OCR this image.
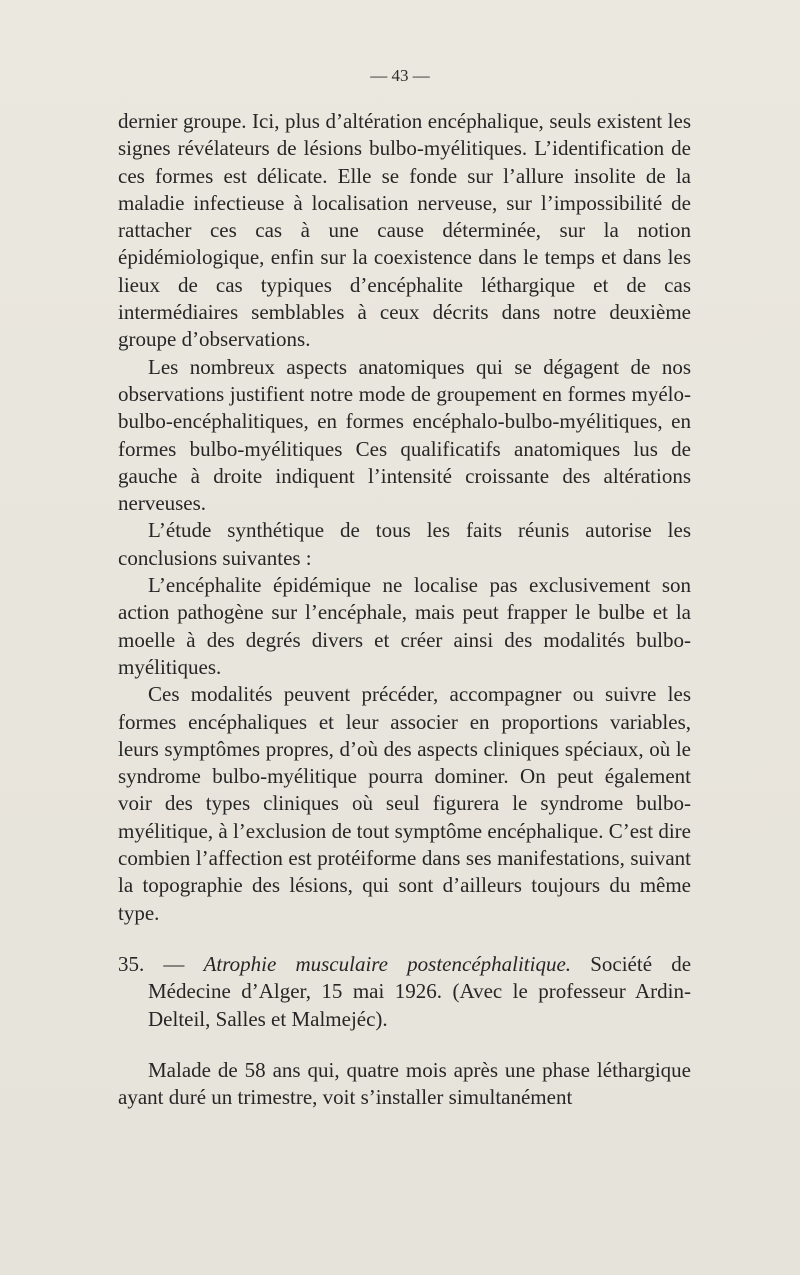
— 43 —

dernier groupe. Ici, plus d’altération encéphalique, seuls existent les signes révélateurs de lésions bulbo-myélitiques. L’identification de ces formes est délicate. Elle se fonde sur l’allure insolite de la maladie infectieuse à localisation nerveuse, sur l’impossibilité de rattacher ces cas à une cause déterminée, sur la notion épidémiologique, enfin sur la coexistence dans le temps et dans les lieux de cas typiques d’encéphalite léthargique et de cas intermédiaires semblables à ceux décrits dans notre deuxième groupe d’observations.

Les nombreux aspects anatomiques qui se dégagent de nos observations justifient notre mode de groupement en formes myélo-bulbo-encéphalitiques, en formes encéphalo-bulbo-myélitiques, en formes bulbo-myélitiques Ces qualificatifs anatomiques lus de gauche à droite indiquent l’intensité croissante des altérations nerveuses.

L’étude synthétique de tous les faits réunis autorise les conclusions suivantes :

L’encéphalite épidémique ne localise pas exclusivement son action pathogène sur l’encéphale, mais peut frapper le bulbe et la moelle à des degrés divers et créer ainsi des modalités bulbo-myélitiques.

Ces modalités peuvent précéder, accompagner ou suivre les formes encéphaliques et leur associer en proportions variables, leurs symptômes propres, d’où des aspects cliniques spéciaux, où le syndrome bulbo-myélitique pourra dominer. On peut également voir des types cliniques où seul figurera le syndrome bulbo-myélitique, à l’exclusion de tout symptôme encéphalique. C’est dire combien l’affection est protéiforme dans ses manifestations, suivant la topographie des lésions, qui sont d’ailleurs toujours du même type.

35. — Atrophie musculaire postencéphalitique. Société de Médecine d’Alger, 15 mai 1926. (Avec le professeur Ardin-Delteil, Salles et Malmejéc).

Malade de 58 ans qui, quatre mois après une phase léthargique ayant duré un trimestre, voit s’installer simultanément
